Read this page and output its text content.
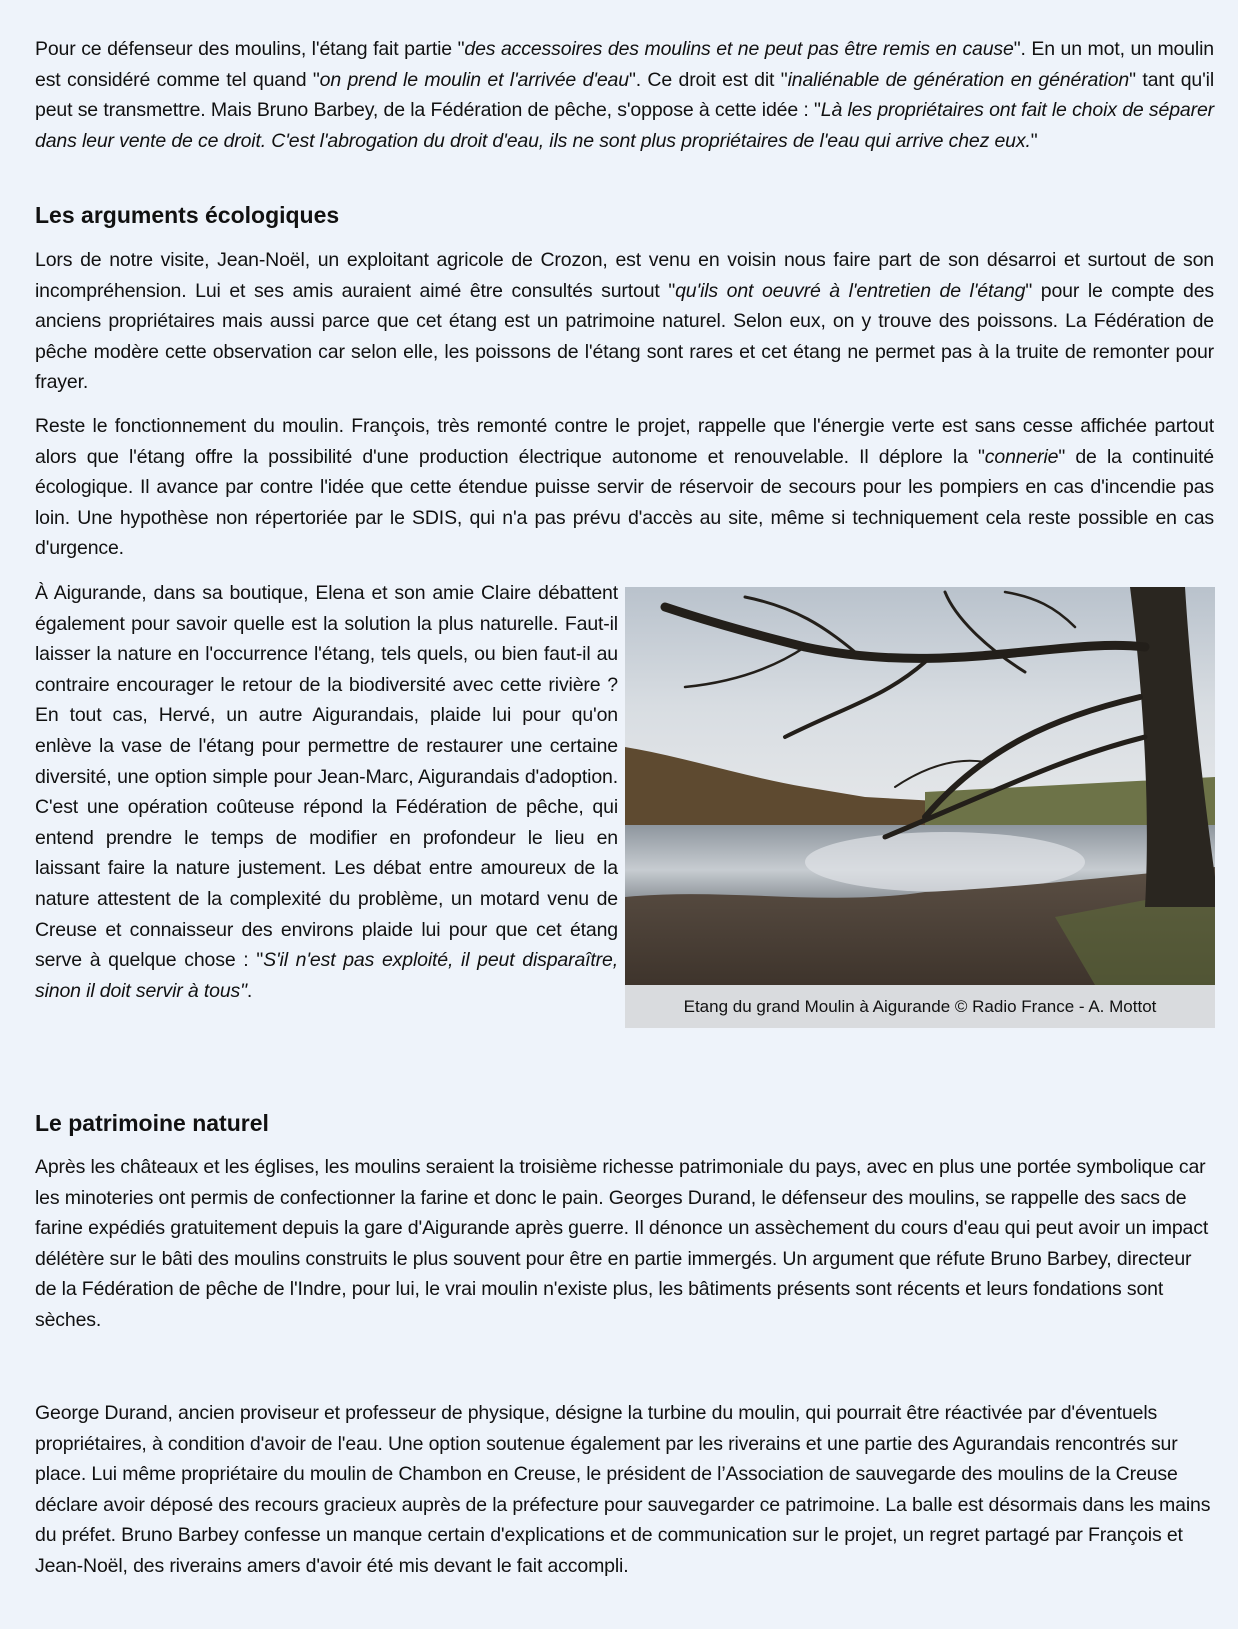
Pour ce défenseur des moulins, l'étang fait partie "des accessoires des moulins et ne peut pas être remis en cause". En un mot, un moulin est considéré comme tel quand "on prend le moulin et l'arrivée d'eau". Ce droit est dit "inaliénable de génération en génération" tant qu'il peut se transmettre. Mais Bruno Barbey, de la Fédération de pêche, s'oppose à cette idée : "Là les propriétaires ont fait le choix de séparer dans leur vente de ce droit. C'est l'abrogation du droit d'eau, ils ne sont plus propriétaires de l'eau qui arrive chez eux."

Les arguments écologiques

Lors de notre visite, Jean-Noël, un exploitant agricole de Crozon, est venu en voisin nous faire part de son désarroi et surtout de son incompréhension. Lui et ses amis auraient aimé être consultés surtout "qu'ils ont oeuvré à l'entretien de l'étang" pour le compte des anciens propriétaires mais aussi parce que cet étang est un patrimoine naturel. Selon eux, on y trouve des poissons. La Fédération de pêche modère cette observation car selon elle, les poissons de l'étang sont rares et cet étang ne permet pas à la truite de remonter pour frayer.

Reste le fonctionnement du moulin. François, très remonté contre le projet, rappelle que l'énergie verte est sans cesse affichée partout alors que l'étang offre la possibilité d'une production électrique autonome et renouvelable. Il déplore la "connerie" de la continuité écologique. Il avance par contre l'idée que cette étendue puisse servir de réservoir de secours pour les pompiers en cas d'incendie pas loin. Une hypothèse non répertoriée par le SDIS, qui n'a pas prévu d'accès au site, même si techniquement cela reste possible en cas d'urgence.

À Aigurande, dans sa boutique, Elena et son amie Claire débattent également pour savoir quelle est la solution la plus naturelle. Faut-il laisser la nature en l'occurrence l'étang, tels quels, ou bien faut-il au contraire encourager le retour de la biodiversité avec cette rivière ? En tout cas, Hervé, un autre Aigurandais, plaide lui pour qu'on enlève la vase de l'étang pour permettre de restaurer une certaine diversité, une option simple pour Jean-Marc, Aigurandais d'adoption. C'est une opération coûteuse répond la Fédération de pêche, qui entend prendre le temps de modifier en profondeur le lieu en laissant faire la nature justement. Les débat entre amoureux de la nature attestent de la complexité du problème, un motard venu de Creuse et connaisseur des environs plaide lui pour que cet étang serve à quelque chose : "S'il n'est pas exploité, il peut disparaître, sinon il doit servir à tous".

Etang du grand Moulin à Aigurande © Radio France - A. Mottot
Le patrimoine naturel

Après les châteaux et les églises, les moulins seraient la troisième richesse patrimoniale du pays, avec en plus une portée symbolique car les minoteries ont permis de confectionner la farine et donc le pain. Georges Durand, le défenseur des moulins, se rappelle des sacs de farine expédiés gratuitement depuis la gare d'Aigurande après guerre. Il dénonce un assèchement du cours d'eau qui peut avoir un impact délétère sur le bâti des moulins construits le plus souvent pour être en partie immergés. Un argument que réfute Bruno Barbey, directeur de la Fédération de pêche de l'Indre, pour lui, le vrai moulin n'existe plus, les bâtiments présents sont récents et leurs fondations sont sèches.

George Durand, ancien proviseur et professeur de physique, désigne la turbine du moulin, qui pourrait être réactivée par d'éventuels propriétaires, à condition d'avoir de l'eau. Une option soutenue également par les riverains et une partie des Agurandais rencontrés sur place. Lui même propriétaire du moulin de Chambon en Creuse, le président de l’Association de sauvegarde des moulins de la Creuse déclare avoir déposé des recours gracieux auprès de la préfecture pour sauvegarder ce patrimoine. La balle est désormais dans les mains du préfet. Bruno Barbey confesse un manque certain d'explications et de communication sur le projet, un regret partagé par François et Jean-Noël, des riverains amers d'avoir été mis devant le fait accompli.
